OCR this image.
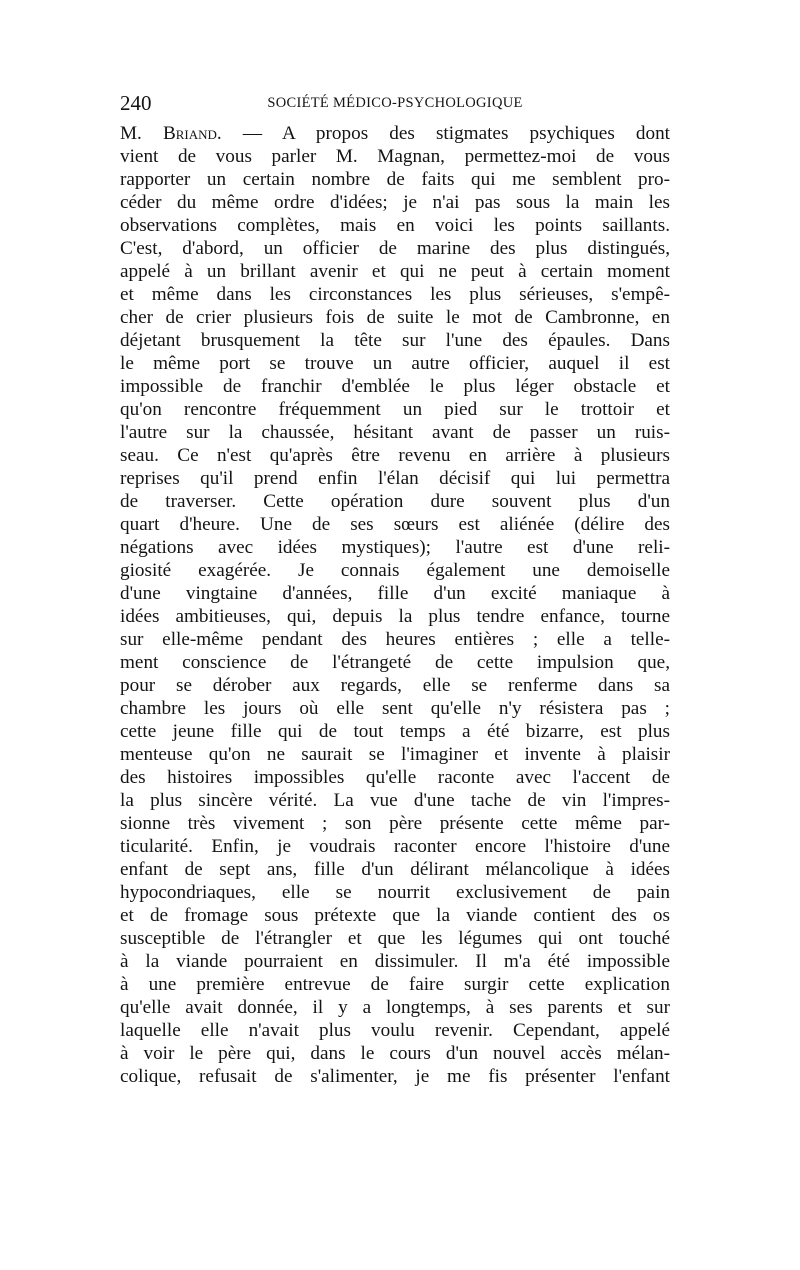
240	SOCIÉTÉ MÉDICO-PSYCHOLOGIQUE
M. Briand. — A propos des stigmates psychiques dont
vient de vous parler M. Magnan, permettez-moi de vous
rapporter un certain nombre de faits qui me semblent pro-
céder du même ordre d'idées; je n'ai pas sous la main les
observations complètes, mais en voici les points saillants.
C'est, d'abord, un officier de marine des plus distingués,
appelé à un brillant avenir et qui ne peut à certain moment
et même dans les circonstances les plus sérieuses, s'empê-
cher de crier plusieurs fois de suite le mot de Cambronne, en
déjetant brusquement la tête sur l'une des épaules. Dans
le même port se trouve un autre officier, auquel il est
impossible de franchir d'emblée le plus léger obstacle et
qu'on rencontre fréquemment un pied sur le trottoir et
l'autre sur la chaussée, hésitant avant de passer un ruis-
seau. Ce n'est qu'après être revenu en arrière à plusieurs
reprises qu'il prend enfin l'élan décisif qui lui permettra
de traverser. Cette opération dure souvent plus d'un
quart d'heure. Une de ses sœurs est aliénée (délire des
négations avec idées mystiques); l'autre est d'une reli-
giosité exagérée. Je connais également une demoiselle
d'une vingtaine d'années, fille d'un excité maniaque à
idées ambitieuses, qui, depuis la plus tendre enfance, tourne
sur elle-même pendant des heures entières ; elle a telle-
ment conscience de l'étrangeté de cette impulsion que,
pour se dérober aux regards, elle se renferme dans sa
chambre les jours où elle sent qu'elle n'y résistera pas ;
cette jeune fille qui de tout temps a été bizarre, est plus
menteuse qu'on ne saurait se l'imaginer et invente à plaisir
des histoires impossibles qu'elle raconte avec l'accent de
la plus sincère vérité. La vue d'une tache de vin l'impres-
sionne très vivement ; son père présente cette même par-
ticularité. Enfin, je voudrais raconter encore l'histoire d'une
enfant de sept ans, fille d'un délirant mélancolique à idées
hypocondriaques, elle se nourrit exclusivement de pain
et de fromage sous prétexte que la viande contient des os
susceptible de l'étrangler et que les légumes qui ont touché
à la viande pourraient en dissimuler. Il m'a été impossible
à une première entrevue de faire surgir cette explication
qu'elle avait donnée, il y a longtemps, à ses parents et sur
laquelle elle n'avait plus voulu revenir. Cependant, appelé
à voir le père qui, dans le cours d'un nouvel accès mélan-
colique, refusait de s'alimenter, je me fis présenter l'enfant
